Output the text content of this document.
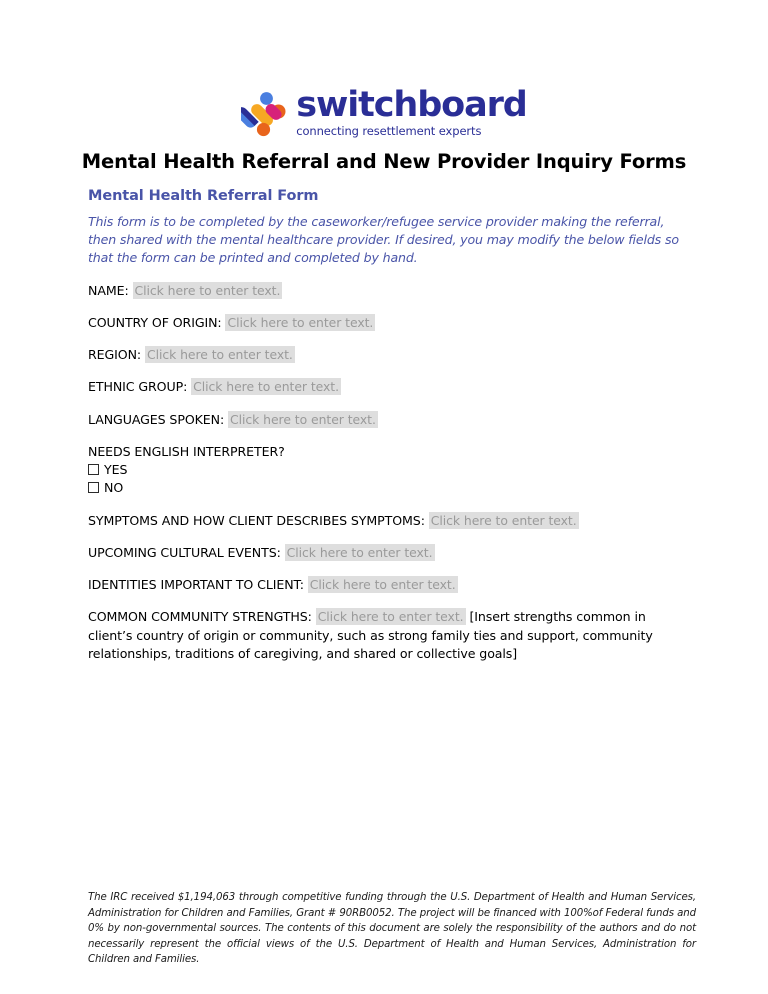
switchboard
connecting resettlement experts
Mental Health Referral and New Provider Inquiry Forms
Mental Health Referral Form

This form is to be completed by the caseworker/refugee service provider making the referral, then shared with the mental healthcare provider. If desired, you may modify the below fields so that the form can be printed and completed by hand.

NAME: Click here to enter text.
COUNTRY OF ORIGIN: Click here to enter text.
REGION: Click here to enter text.
ETHNIC GROUP: Click here to enter text.
LANGUAGES SPOKEN: Click here to enter text.
NEEDS ENGLISH INTERPRETER?
YES
NO
SYMPTOMS AND HOW CLIENT DESCRIBES SYMPTOMS: Click here to enter text.
UPCOMING CULTURAL EVENTS: Click here to enter text.
IDENTITIES IMPORTANT TO CLIENT: Click here to enter text.
COMMON COMMUNITY STRENGTHS: Click here to enter text. [Insert strengths common in client’s country of origin or community, such as strong family ties and support, community relationships, traditions of caregiving, and shared or collective goals]
The IRC received $1,194,063 through competitive funding through the U.S. Department of Health and Human Services, Administration for Children and Families, Grant # 90RB0052. The project will be financed with 100%of Federal funds and 0% by non-governmental sources. The contents of this document are solely the responsibility of the authors and do not necessarily represent the official views of the U.S. Department of Health and Human Services, Administration for Children and Families.
